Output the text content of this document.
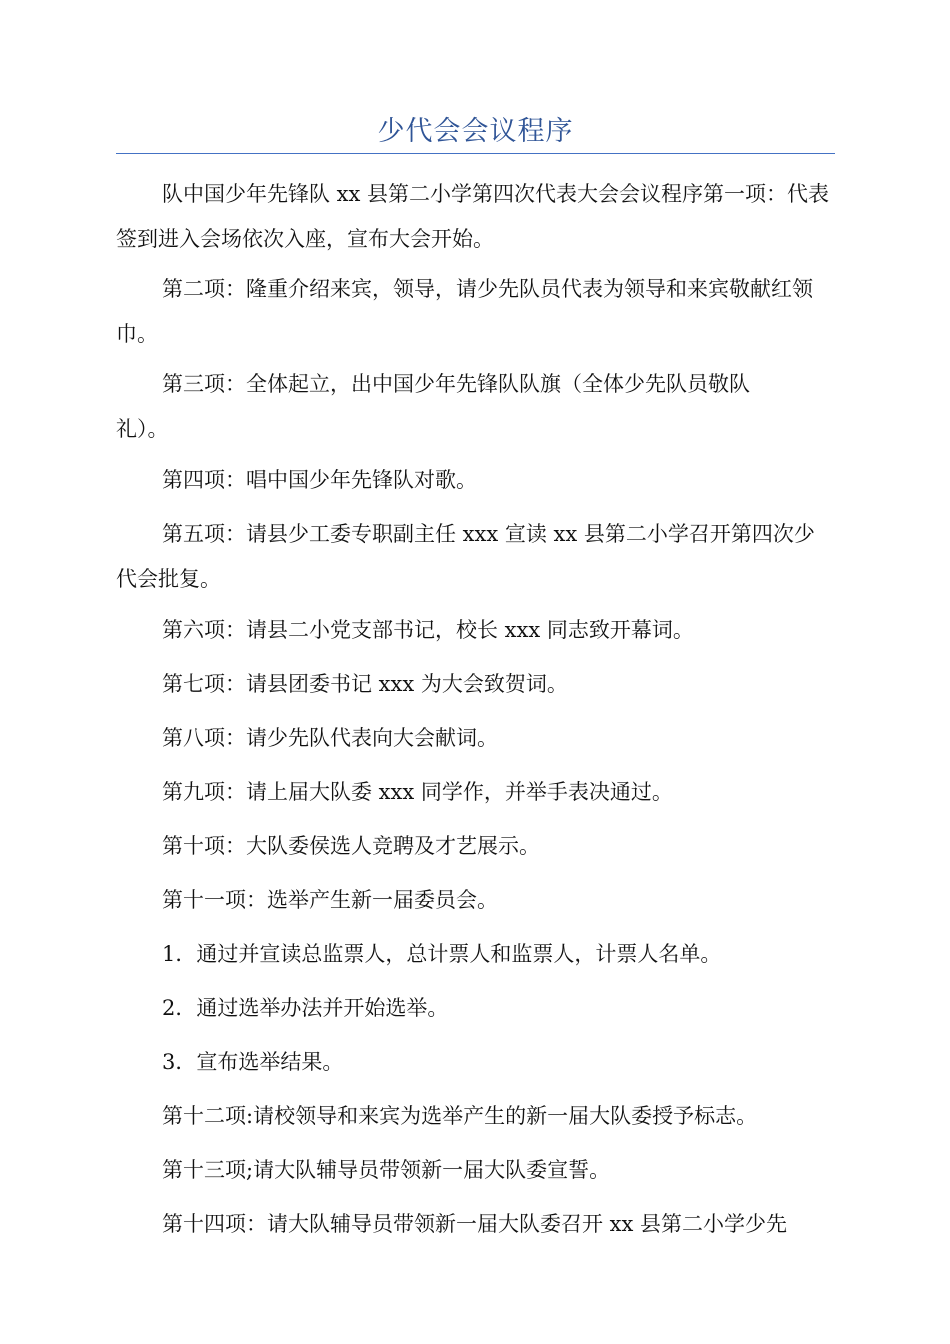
少代会会议程序

队中国少年先锋队 xx 县第二小学第四次代表大会会议程序第一项：代表签到进入会场依次入座，宣布大会开始。

第二项：隆重介绍来宾，领导，请少先队员代表为领导和来宾敬献红领巾。

第三项：全体起立，出中国少年先锋队队旗（全体少先队员敬队礼）。

第四项：唱中国少年先锋队对歌。

第五项：请县少工委专职副主任 xxx 宣读 xx 县第二小学召开第四次少代会批复。

第六项：请县二小党支部书记，校长 xxx 同志致开幕词。

第七项：请县团委书记 xxx 为大会致贺词。

第八项：请少先队代表向大会献词。

第九项：请上届大队委 xxx 同学作，并举手表决通过。

第十项：大队委侯选人竞聘及才艺展示。

第十一项：选举产生新一届委员会。

1．通过并宣读总监票人，总计票人和监票人，计票人名单。

2．通过选举办法并开始选举。

3．宣布选举结果。

第十二项:请校领导和来宾为选举产生的新一届大队委授予标志。

第十三项;请大队辅导员带领新一届大队委宣誓。

第十四项：请大队辅导员带领新一届大队委召开 xx 县第二小学少先
